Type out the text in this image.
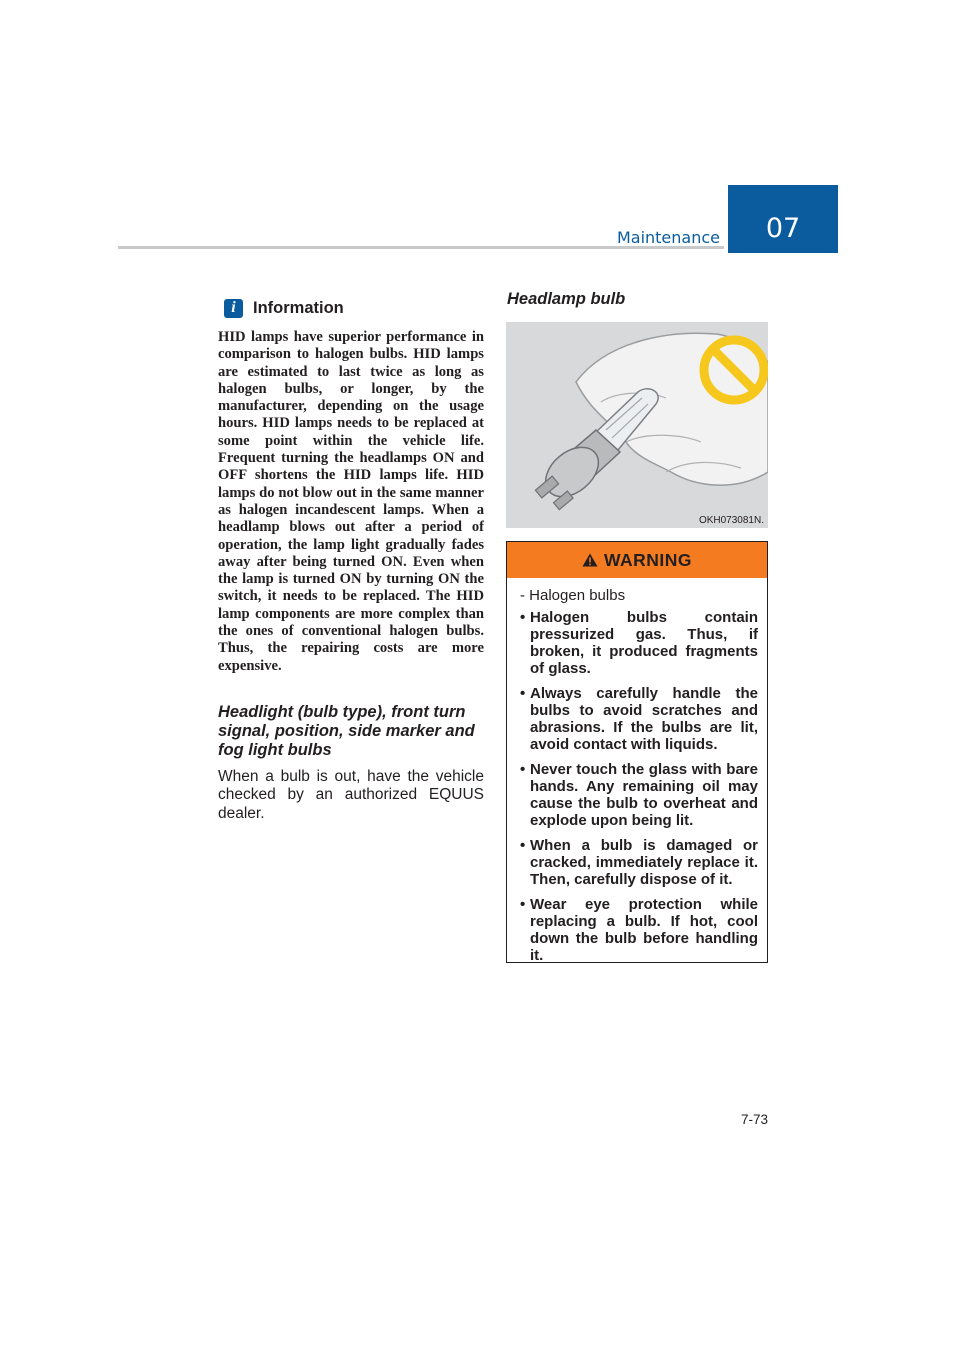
Maintenance	07
i	Information
HID lamps have superior performance in comparison to halogen bulbs. HID lamps are estimated to last twice as long as halogen bulbs, or longer, by the manufacturer, depending on the usage hours. HID lamps needs to be replaced at some point within the vehicle life. Frequent turning the headlamps ON and OFF shortens the HID lamps life. HID lamps do not blow out in the same manner as halogen incandescent lamps. When a headlamp blows out after a period of operation, the lamp light gradually fades away after being turned ON. Even when the lamp is turned ON by turning ON the switch, it needs to be replaced. The HID lamp components are more complex than the ones of conventional halogen bulbs. Thus, the repairing costs are more expensive.
Headlight (bulb type), front turn signal, position, side marker and fog light bulbs
When a bulb is out, have the vehicle checked by an authorized EQUUS dealer.
Headlamp bulb
OKH073081N.
WARNING
- Halogen bulbs
• Halogen bulbs contain pressurized gas. Thus, if broken, it produced fragments of glass.
• Always carefully handle the bulbs to avoid scratches and abrasions. If the bulbs are lit, avoid contact with liquids.
• Never touch the glass with bare hands. Any remaining oil may cause the bulb to overheat and explode upon being lit.
• When a bulb is damaged or cracked, immediately replace it. Then, carefully dispose of it.
• Wear eye protection while replacing a bulb. If hot, cool down the bulb before handling it.
7-73
